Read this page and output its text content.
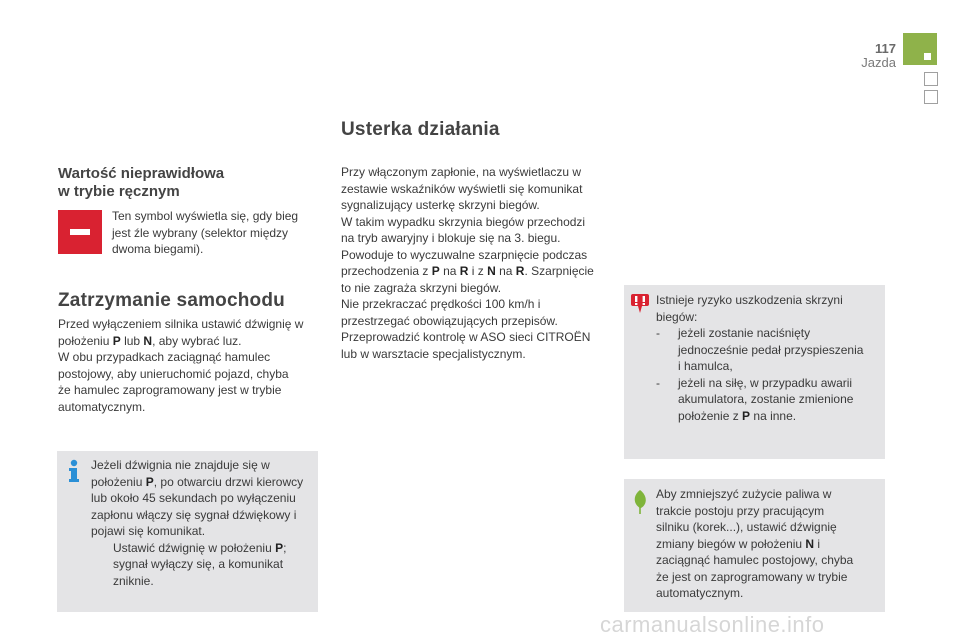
117
Jazda
Wartość nieprawidłowa
w trybie ręcznym
Ten symbol wyświetla się, gdy bieg
jest źle wybrany (selektor między
dwoma biegami).
Zatrzymanie samochodu
Przed wyłączeniem silnika ustawić dźwignię w
położeniu P lub N, aby wybrać luz.
W obu przypadkach zaciągnąć hamulec
postojowy, aby unieruchomić pojazd, chyba
że hamulec zaprogramowany jest w trybie
automatycznym.
Jeżeli dźwignia nie znajduje się w
położeniu P, po otwarciu drzwi kierowcy
lub około 45 sekundach po wyłączeniu
zapłonu włączy się sygnał dźwiękowy i
pojawi się komunikat.
Ustawić dźwignię w położeniu P;
sygnał wyłączy się, a komunikat
zniknie.
Usterka działania
Przy włączonym zapłonie, na wyświetlaczu w
zestawie wskaźników wyświetli się komunikat
sygnalizujący usterkę skrzyni biegów.
W takim wypadku skrzynia biegów przechodzi
na tryb awaryjny i blokuje się na 3. biegu.
Powoduje to wyczuwalne szarpnięcie podczas
przechodzenia z P na R i z N na R. Szarpnięcie
to nie zagraża skrzyni biegów.
Nie przekraczać prędkości 100 km/h i
przestrzegać obowiązujących przepisów.
Przeprowadzić kontrolę w ASO sieci CITROËN
lub w warsztacie specjalistycznym.
Istnieje ryzyko uszkodzenia skrzyni
biegów:
-	jeżeli zostanie naciśnięty
jednocześnie pedał przyspieszenia
i hamulca,
-	jeżeli na siłę, w przypadku awarii
akumulatora, zostanie zmienione
położenie z P na inne.
Aby zmniejszyć zużycie paliwa w
trakcie postoju przy pracującym
silniku (korek...), ustawić dźwignię
zmiany biegów w położeniu N i
zaciągnąć hamulec postojowy, chyba
że jest on zaprogramowany w trybie
automatycznym.
carmanualsonline.info
